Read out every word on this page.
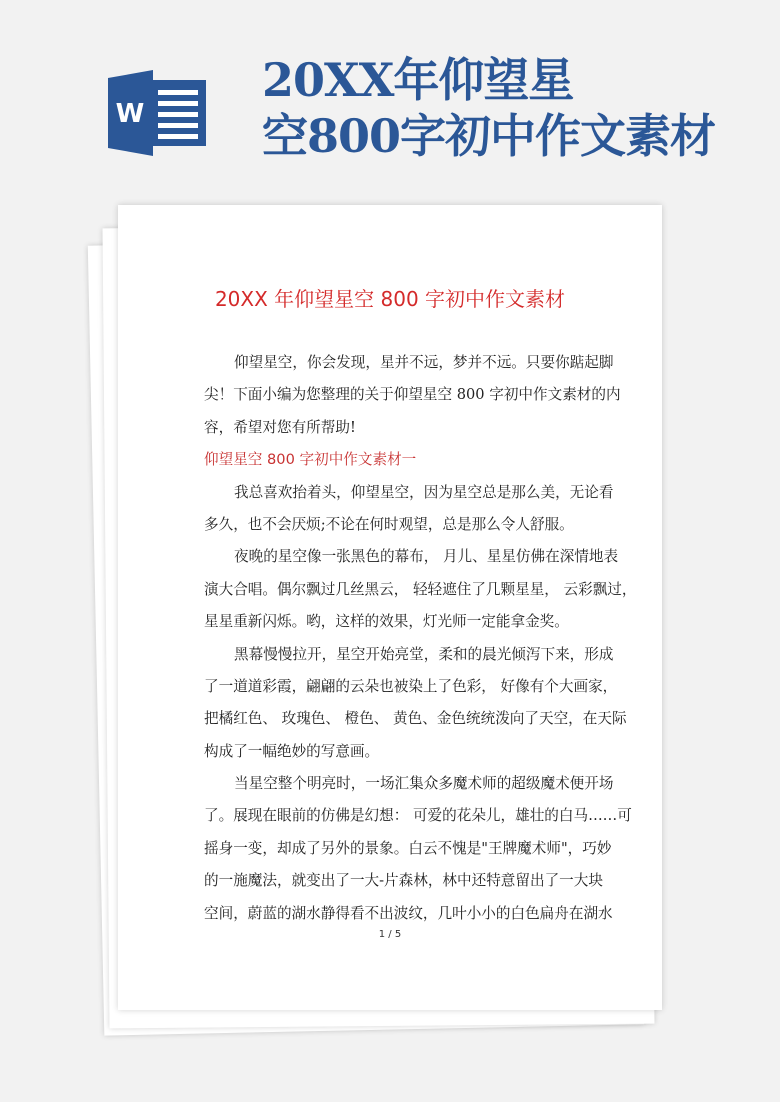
W
20XX年仰望星
空800字初中作文素材
20XX 年仰望星空 800 字初中作文素材
仰望星空，你会发现，星并不远，梦并不远。只要你踮起脚
尖！下面小编为您整理的关于仰望星空 800 字初中作文素材的内
容，希望对您有所帮助!
仰望星空 800 字初中作文素材一
我总喜欢抬着头，仰望星空，因为星空总是那么美，无论看
多久，也不会厌烦;不论在何时观望，总是那么令人舒服。
夜晚的星空像一张黑色的幕布， 月儿、星星仿佛在深情地表
演大合唱。偶尔飘过几丝黑云， 轻轻遮住了几颗星星， 云彩飘过，
星星重新闪烁。哟，这样的效果，灯光师一定能拿金奖。
黑幕慢慢拉开，星空开始亮堂，柔和的晨光倾泻下来，形成
了一道道彩霞，翩翩的云朵也被染上了色彩， 好像有个大画家，
把橘红色、 玫瑰色、 橙色、 黄色、金色统统泼向了天空，在天际
构成了一幅绝妙的写意画。
当星空整个明亮时，一场汇集众多魔术师的超级魔术便开场
了。展现在眼前的仿佛是幻想： 可爱的花朵儿，雄壮的白马……可
摇身一变，却成了另外的景象。白云不愧是"王牌魔术师"，巧妙
的一施魔法，就变出了一大-片森林，林中还特意留出了一大块
空间，蔚蓝的湖水静得看不出波纹，几叶小小的白色扁舟在湖水
1 / 5
